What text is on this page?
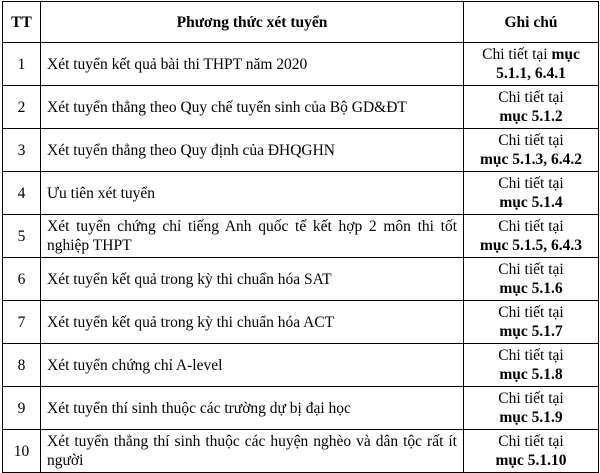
TT	Phương thức xét tuyển	Ghi chú
1	Xét tuyển kết quả bài thi THPT năm 2020	Chi tiết tại mục
5.1.1, 6.4.1
2	Xét tuyển thẳng theo Quy chế tuyển sinh của Bộ GD&ĐT	Chi tiết tại
mục 5.1.2
3	Xét tuyển thẳng theo Quy định của ĐHQGHN	Chi tiết tại
mục 5.1.3, 6.4.2
4	Ưu tiên xét tuyển	Chi tiết tại
mục 5.1.4
5	Xét tuyển chứng chỉ tiếng Anh quốc tế kết hợp 2 môn thi tốt nghiệp THPT	Chi tiết tại
mục 5.1.5, 6.4.3
6	Xét tuyển kết quả trong kỳ thi chuẩn hóa SAT	Chi tiết tại
mục 5.1.6
7	Xét tuyển kết quả trong kỳ thi chuẩn hóa ACT	Chi tiết tại
mục 5.1.7
8	Xét tuyển chứng chỉ A-level	Chi tiết tại
mục 5.1.8
9	Xét tuyển thí sinh thuộc các trường dự bị đại học	Chi tiết tại
mục 5.1.9
10	Xét tuyển thẳng thí sinh thuộc các huyện nghèo và dân tộc rất ít người	Chi tiết tại
mục 5.1.10
